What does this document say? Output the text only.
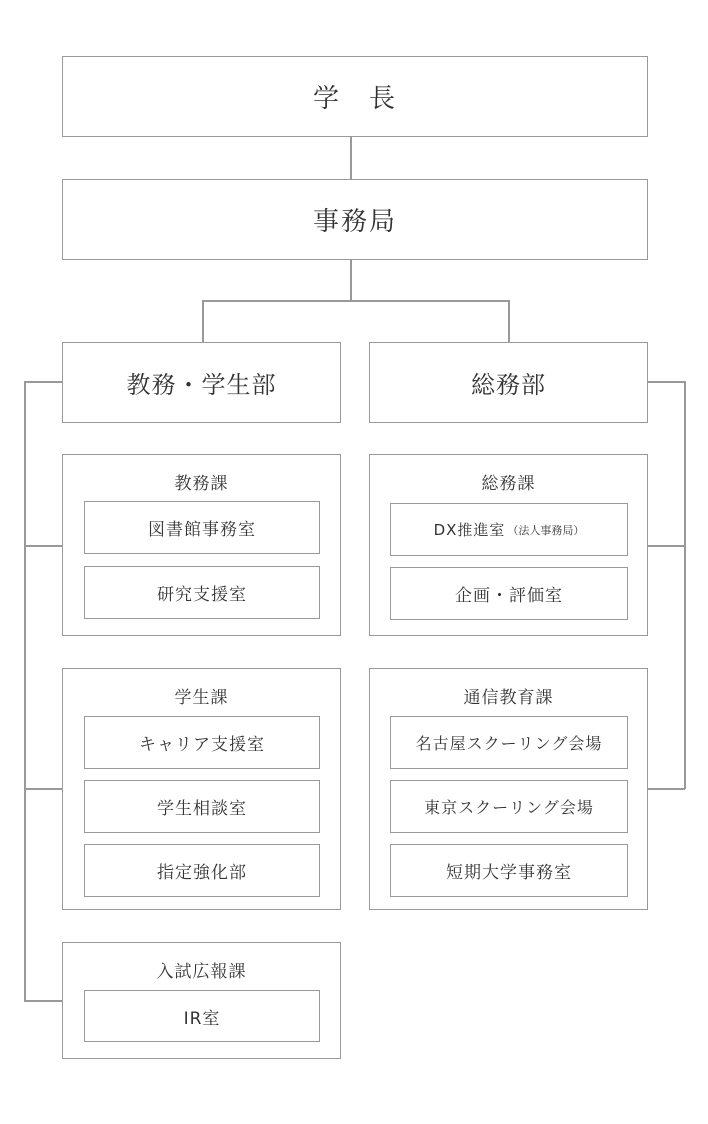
学　長
事務局
教務・学生部	総務部
教務課
図書館事務室
研究支援室
学生課
キャリア支援室
学生相談室
指定強化部
入試広報課
IR室
総務課
DX推進室 （法人事務局）
企画・評価室
通信教育課
名古屋スクーリング会場
東京スクーリング会場
短期大学事務室
